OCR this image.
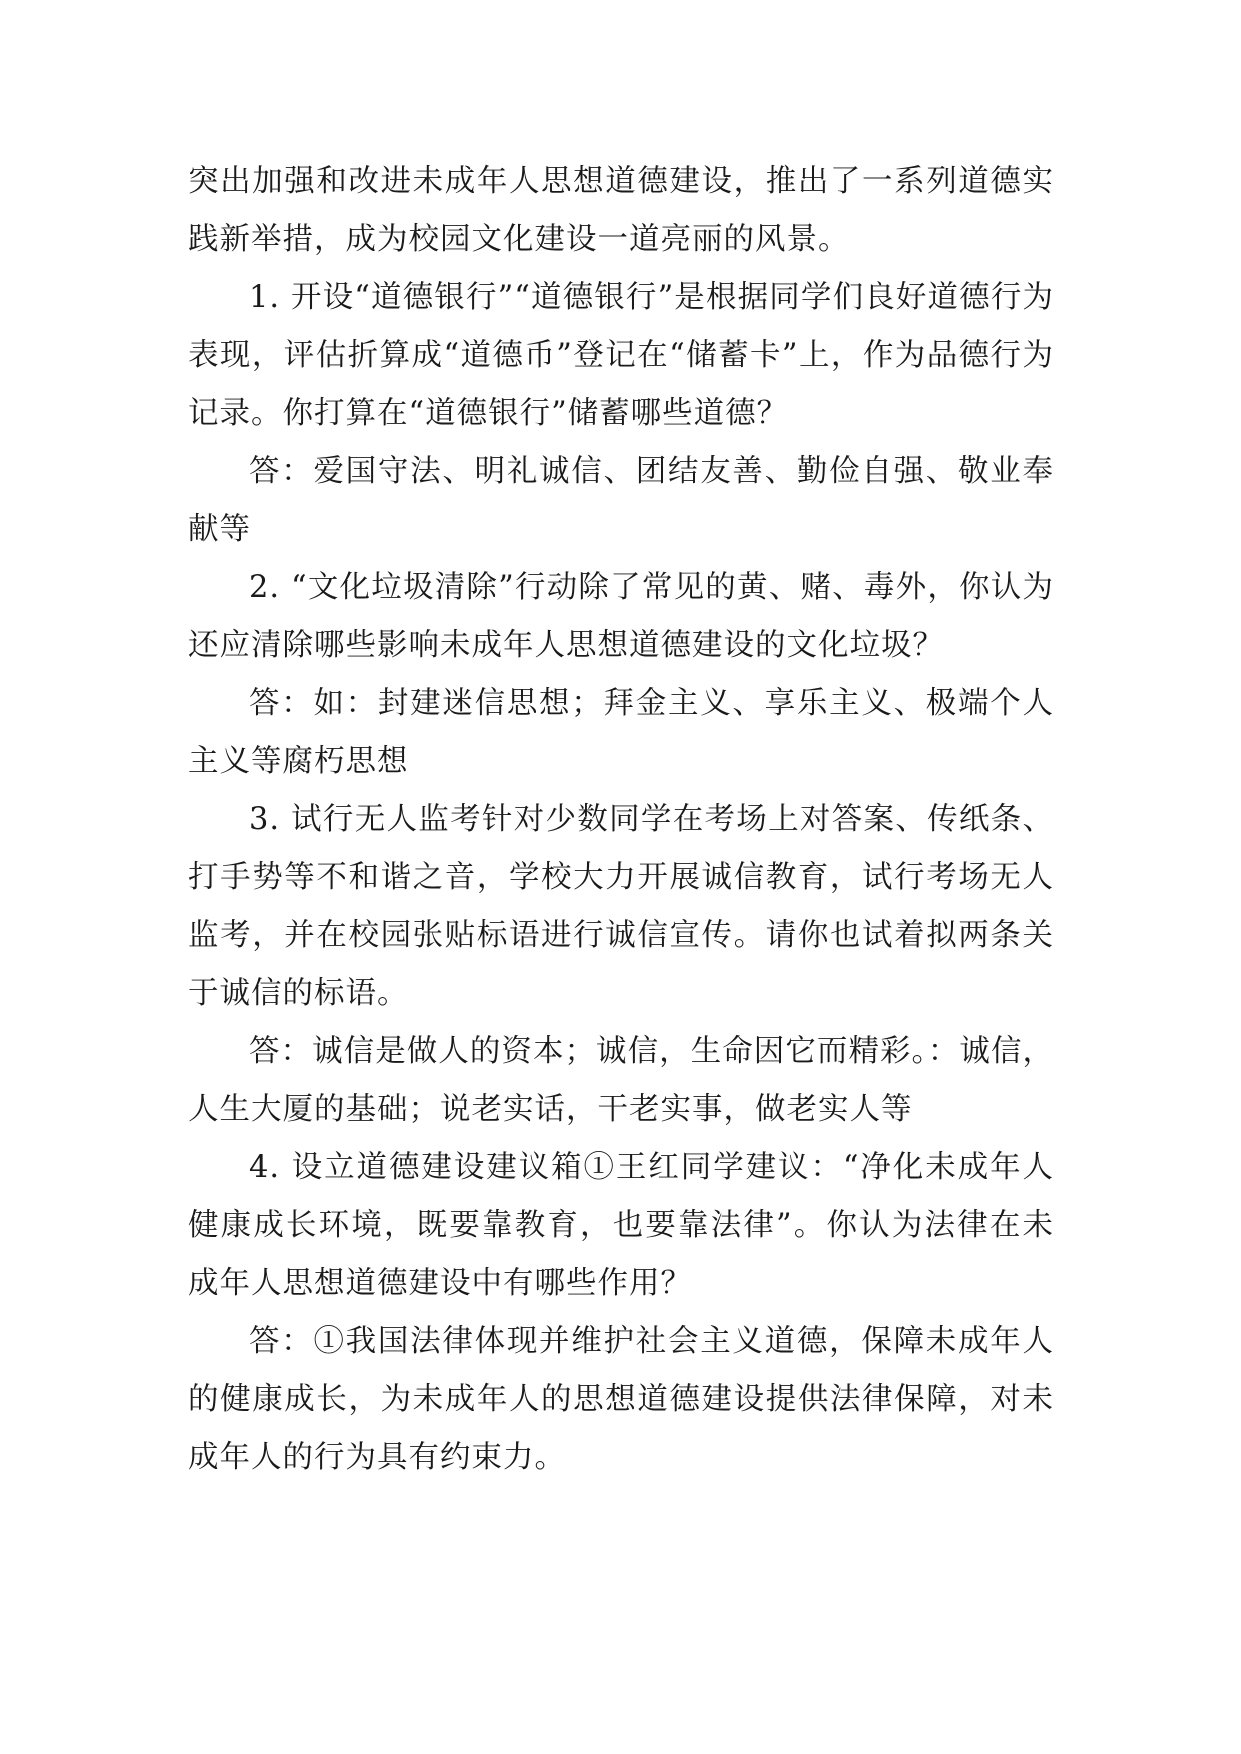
突出加强和改进未成年人思想道德建设，推出了一系列道德实践新举措，成为校园文化建设一道亮丽的风景。

1. 开设“道德银行”“道德银行”是根据同学们良好道德行为表现，评估折算成“道德币”登记在“储蓄卡”上，作为品德行为记录。你打算在“道德银行”储蓄哪些道德？

答：爱国守法、明礼诚信、团结友善、勤俭自强、敬业奉献等

2. “文化垃圾清除”行动除了常见的黄、赌、毒外，你认为还应清除哪些影响未成年人思想道德建设的文化垃圾？

答：如：封建迷信思想；拜金主义、享乐主义、极端个人主义等腐朽思想

3. 试行无人监考针对少数同学在考场上对答案、传纸条、打手势等不和谐之音，学校大力开展诚信教育，试行考场无人监考，并在校园张贴标语进行诚信宣传。请你也试着拟两条关于诚信的标语。

答：诚信是做人的资本；诚信，生命因它而精彩。：诚信，人生大厦的基础；说老实话，干老实事，做老实人等

4. 设立道德建设建议箱①王红同学建议：“净化未成年人健康成长环境，既要靠教育，也要靠法律”。你认为法律在未成年人思想道德建设中有哪些作用？

答：①我国法律体现并维护社会主义道德，保障未成年人的健康成长，为未成年人的思想道德建设提供法律保障，对未成年人的行为具有约束力。
